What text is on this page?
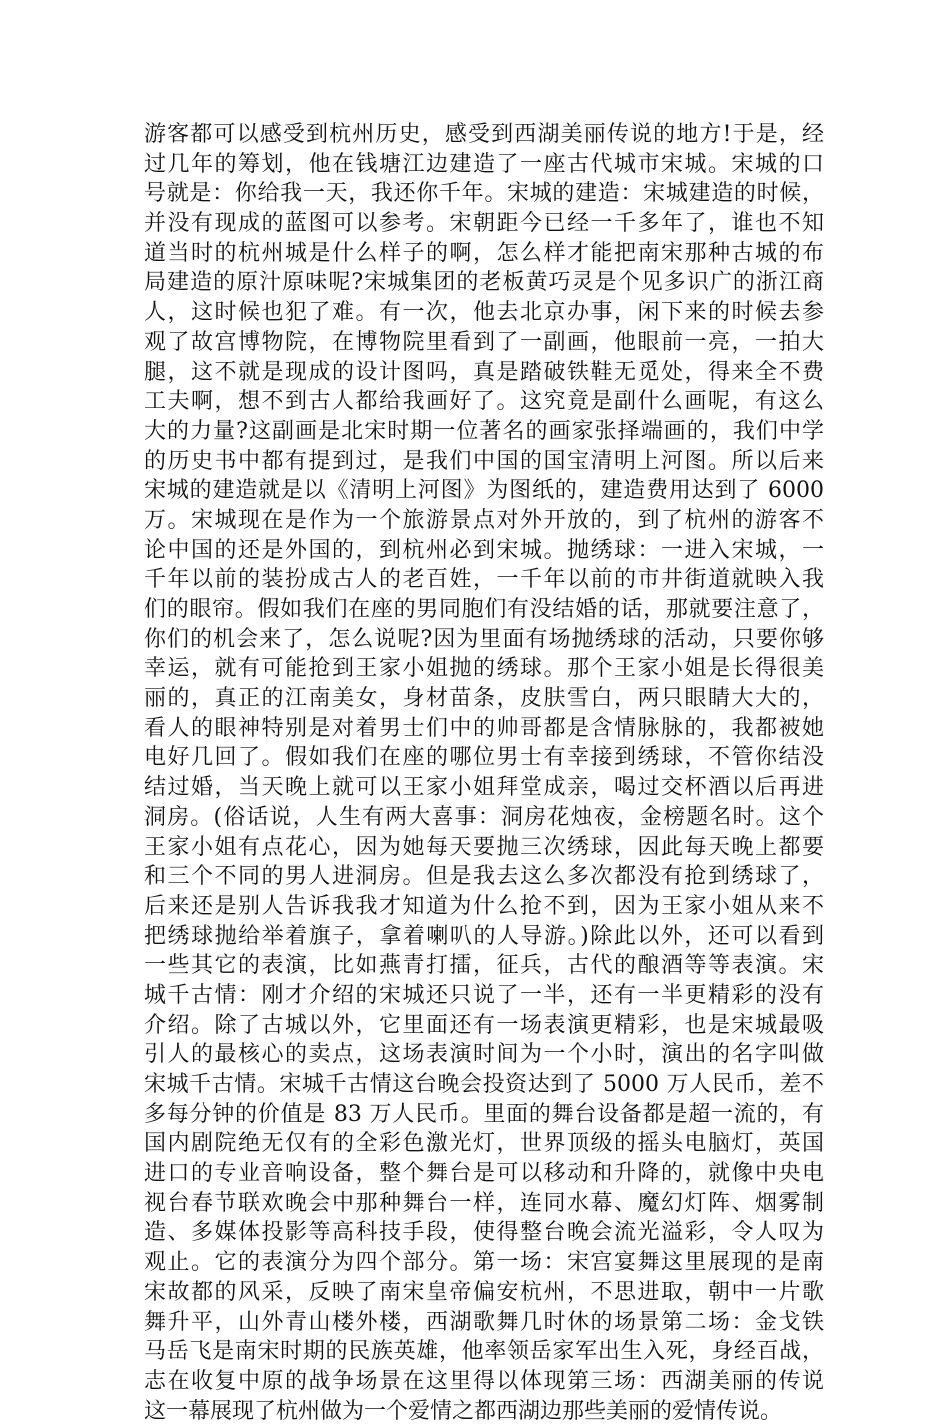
游客都可以感受到杭州历史，感受到西湖美丽传说的地方!于是，经
过几年的筹划，他在钱塘江边建造了一座古代城市宋城。宋城的口
号就是：你给我一天，我还你千年。宋城的建造：宋城建造的时候，
并没有现成的蓝图可以参考。宋朝距今已经一千多年了，谁也不知
道当时的杭州城是什么样子的啊，怎么样才能把南宋那种古城的布
局建造的原汁原味呢?宋城集团的老板黄巧灵是个见多识广的浙江商
人，这时候也犯了难。有一次，他去北京办事，闲下来的时候去参
观了故宫博物院，在博物院里看到了一副画，他眼前一亮，一拍大
腿，这不就是现成的设计图吗，真是踏破铁鞋无觅处，得来全不费
工夫啊，想不到古人都给我画好了。这究竟是副什么画呢，有这么
大的力量?这副画是北宋时期一位著名的画家张择端画的，我们中学
的历史书中都有提到过，是我们中国的国宝清明上河图。所以后来
宋城的建造就是以《清明上河图》为图纸的，建造费用达到了 6000
万。宋城现在是作为一个旅游景点对外开放的，到了杭州的游客不
论中国的还是外国的，到杭州必到宋城。抛绣球：一进入宋城，一
千年以前的装扮成古人的老百姓，一千年以前的市井街道就映入我
们的眼帘。假如我们在座的男同胞们有没结婚的话，那就要注意了，
你们的机会来了，怎么说呢?因为里面有场抛绣球的活动，只要你够
幸运，就有可能抢到王家小姐抛的绣球。那个王家小姐是长得很美
丽的，真正的江南美女，身材苗条，皮肤雪白，两只眼睛大大的，
看人的眼神特别是对着男士们中的帅哥都是含情脉脉的，我都被她
电好几回了。假如我们在座的哪位男士有幸接到绣球，不管你结没
结过婚，当天晚上就可以王家小姐拜堂成亲，喝过交杯酒以后再进
洞房。(俗话说，人生有两大喜事：洞房花烛夜，金榜题名时。这个
王家小姐有点花心，因为她每天要抛三次绣球，因此每天晚上都要
和三个不同的男人进洞房。但是我去这么多次都没有抢到绣球了，
后来还是别人告诉我我才知道为什么抢不到，因为王家小姐从来不
把绣球抛给举着旗子，拿着喇叭的人导游。)除此以外，还可以看到
一些其它的表演，比如燕青打擂，征兵，古代的酿酒等等表演。宋
城千古情：刚才介绍的宋城还只说了一半，还有一半更精彩的没有
介绍。除了古城以外，它里面还有一场表演更精彩，也是宋城最吸
引人的最核心的卖点，这场表演时间为一个小时，演出的名字叫做
宋城千古情。宋城千古情这台晚会投资达到了 5000 万人民币，差不
多每分钟的价值是 83 万人民币。里面的舞台设备都是超一流的，有
国内剧院绝无仅有的全彩色激光灯，世界顶级的摇头电脑灯，英国
进口的专业音响设备，整个舞台是可以移动和升降的，就像中央电
视台春节联欢晚会中那种舞台一样，连同水幕、魔幻灯阵、烟雾制
造、多媒体投影等高科技手段，使得整台晚会流光溢彩，令人叹为
观止。它的表演分为四个部分。第一场：宋宫宴舞这里展现的是南
宋故都的风采，反映了南宋皇帝偏安杭州，不思进取，朝中一片歌
舞升平，山外青山楼外楼，西湖歌舞几时休的场景第二场：金戈铁
马岳飞是南宋时期的民族英雄，他率领岳家军出生入死，身经百战，
志在收复中原的战争场景在这里得以体现第三场：西湖美丽的传说
这一幕展现了杭州做为一个爱情之都西湖边那些美丽的爱情传说。
